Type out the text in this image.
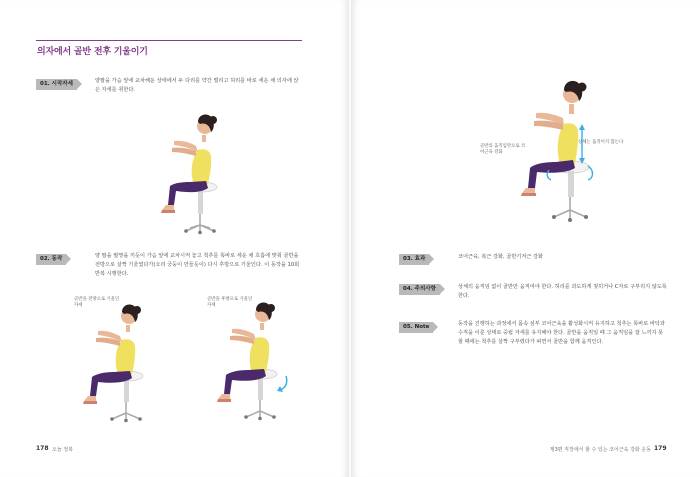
의자에서 골반 전후 기울이기
01. 시작자세	양팔을 가슴 앞에 교차해둔 상태에서 두 다리를 약간 벌리고 허리를 바로 세운 채 의자에 앉은 자세를 취한다.
02. 동작	양 팔을 팔짱을 끼듯이 가슴 앞에 교차시켜 놓고 척추를 똑바로 세운 채 호흡에 맞춰 골반을 전방으로 살짝 기울였다가(오리 궁둥이 만들듯이) 다시 후방으로 기울인다. 이 동작을 10회 반복 시행한다.
골반을 전방으로 기울인 자세
골반을 후방으로 기울인 자세
178 오늘 정복
골반의 움직임만으로 코어근육 강화
상체는 움직이지 않는다
03. 효과	코어근육, 복근 강화, 골반기저근 강화
04. 주의사항	상체의 움직임 없이 골반만 움직여야 한다. 허리를 과도하게 젖히거나 C자로 구부리지 않도록 한다.
05. Note	동작을 진행하는 과정에서 몸속 심부 코어근육을 활성화시켜 유지하고 척추는 똑바로 바닥과 수직을 이룬 상태로 중립 자세를 유지해야 한다. 골반을 움직일 때 그 움직임을 잘 느끼지 못할 때에는 척추를 살짝 구부렸다가 펴면서 골반을 함께 움직인다.
제3편 직장에서 할 수 있는 코어근육 강화 운동 179
